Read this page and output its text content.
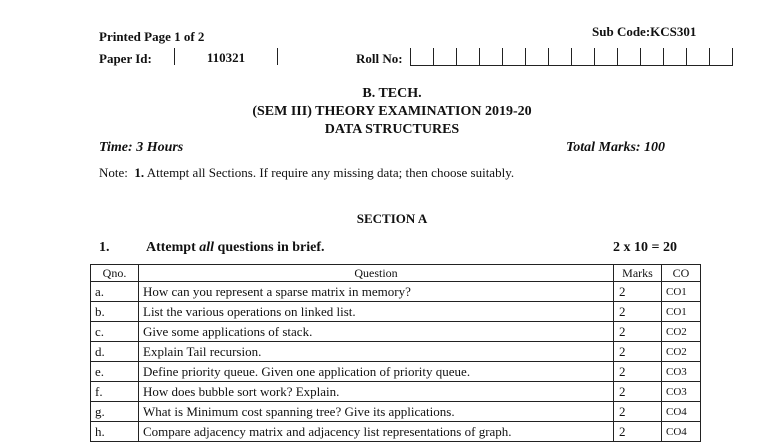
Printed Page 1 of 2	Sub Code:KCS301
Paper Id:	110321	Roll No:
B. TECH.
(SEM III) THEORY EXAMINATION 2019-20
DATA STRUCTURES
Time: 3 Hours	Total Marks: 100
Note: 1. Attempt all Sections. If require any missing data; then choose suitably.
SECTION A
1.	Attempt all questions in brief.	2 x 10 = 20
Qno.	Question	Marks	CO
a.	How can you represent a sparse matrix in memory?	2	CO1
b.	List the various operations on linked list.	2	CO1
c.	Give some applications of stack.	2	CO2
d.	Explain Tail recursion.	2	CO2
e.	Define priority queue. Given one application of priority queue.	2	CO3
f.	How does bubble sort work? Explain.	2	CO3
g.	What is Minimum cost spanning tree? Give its applications.	2	CO4
h.	Compare adjacency matrix and adjacency list representations of graph.	2	CO4
